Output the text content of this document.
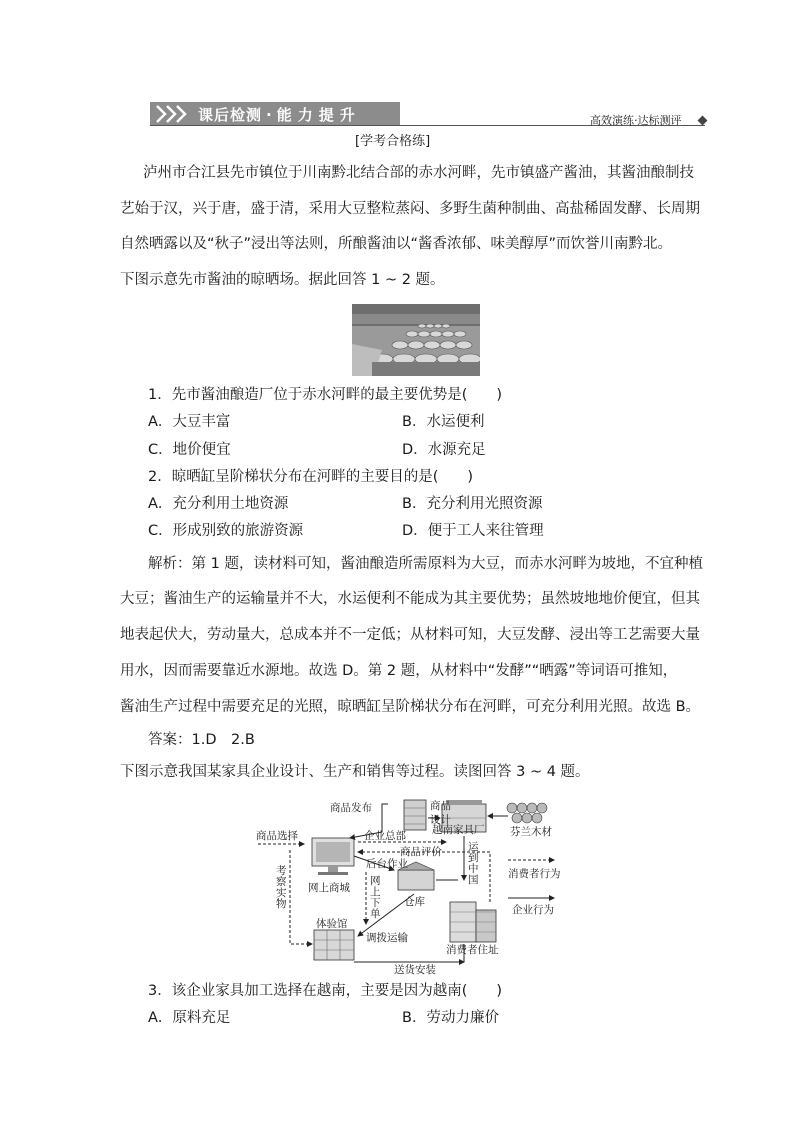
课后检测 · 能力提升	高效演练·达标测评
[学考合格练]
泸州市合江县先市镇位于川南黔北结合部的赤水河畔，先市镇盛产酱油，其酱油酿制技
艺始于汉，兴于唐，盛于清，采用大豆整粒蒸闷、多野生菌种制曲、高盐稀固发酵、长周期
自然晒露以及“秋子”浸出等法则，所酿酱油以“酱香浓郁、味美醇厚”而饮誉川南黔北。
下图示意先市酱油的晾晒场。据此回答 1 ~ 2 题。
1．先市酱油酿造厂位于赤水河畔的最主要优势是(　　)
A．大豆丰富	B．水运便利
C．地价便宜	D．水源充足
2．晾晒缸呈阶梯状分布在河畔的主要目的是(　　)
A．充分利用土地资源	B．充分利用光照资源
C．形成别致的旅游资源	D．便于工人来往管理
解析：第 1 题，读材料可知，酱油酿造所需原料为大豆，而赤水河畔为坡地，不宜种植
大豆；酱油生产的运输量并不大，水运便利不能成为其主要优势；虽然坡地地价便宜，但其
地表起伏大，劳动量大，总成本并不一定低；从材料可知，大豆发酵、浸出等工艺需要大量
用水，因而需要靠近水源地。故选 D。第 2 题，从材料中“发酵”“晒露”等词语可推知，
酱油生产过程中需要充足的光照，晾晒缸呈阶梯状分布在河畔，可充分利用光照。故选 B。
答案：1.D　2.B
下图示意我国某家具企业设计、生产和销售等过程。读图回答 3 ~ 4 题。
商品发布	商品
设计
企业总部 越南家具厂 芬兰木材
商品选择
商品评价
后台作业
运到中国
网上商城
网上下单
仓库
考察实物
体验馆
调拨运输
消费者住址
送货安装
消费者行为
企业行为
3．该企业家具加工选择在越南，主要是因为越南(　　)
A．原料充足	B．劳动力廉价
